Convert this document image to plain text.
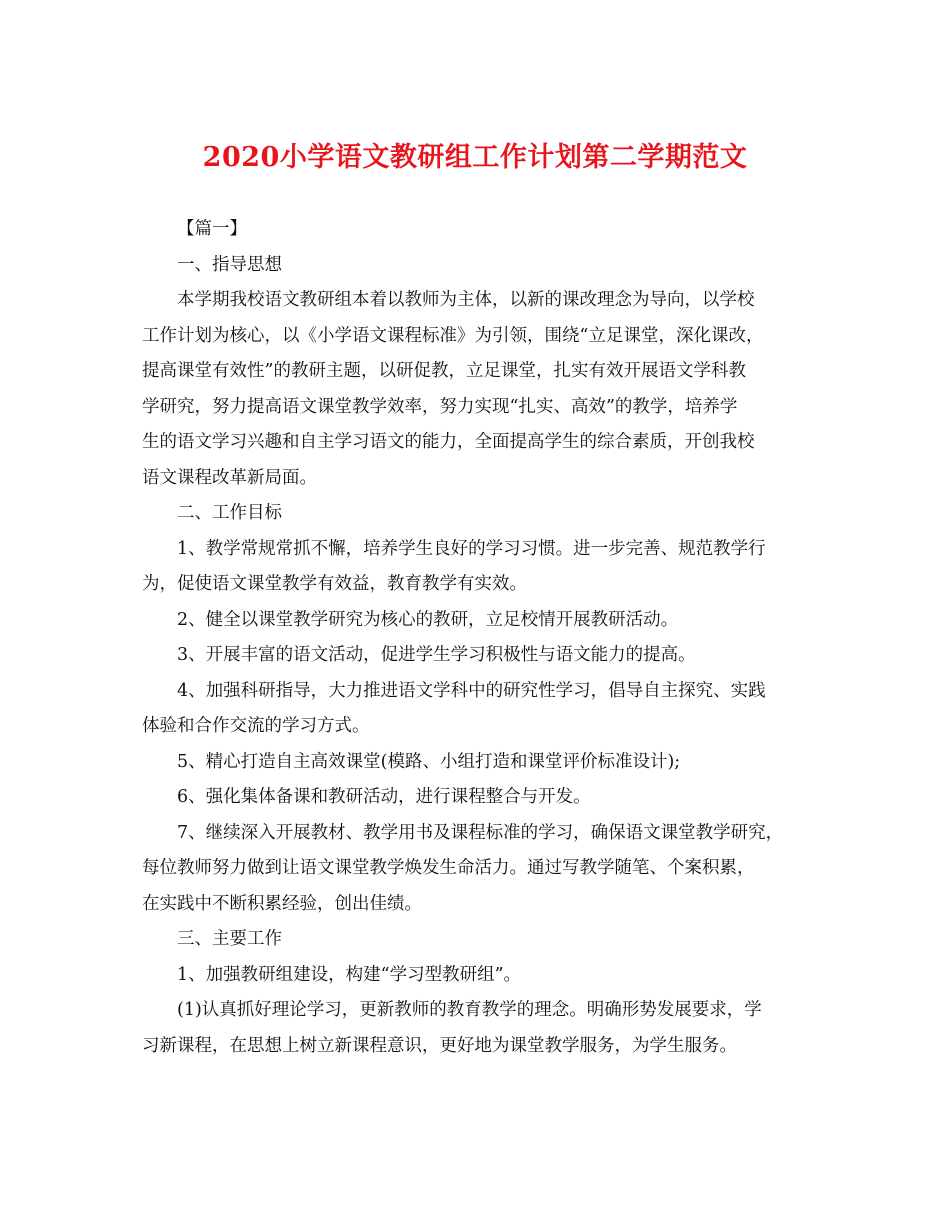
2020小学语文教研组工作计划第二学期范文
【篇一】
一、指导思想
本学期我校语文教研组本着以教师为主体，以新的课改理念为导向，以学校
工作计划为核心，以《小学语文课程标准》为引领，围绕“立足课堂，深化课改，
提高课堂有效性”的教研主题，以研促教，立足课堂，扎实有效开展语文学科教
学研究，努力提高语文课堂教学效率，努力实现“扎实、高效”的教学，培养学
生的语文学习兴趣和自主学习语文的能力，全面提高学生的综合素质，开创我校
语文课程改革新局面。
二、工作目标
1、教学常规常抓不懈，培养学生良好的学习习惯。进一步完善、规范教学行
为，促使语文课堂教学有效益，教育教学有实效。
2、健全以课堂教学研究为核心的教研，立足校情开展教研活动。
3、开展丰富的语文活动，促进学生学习积极性与语文能力的提高。
4、加强科研指导，大力推进语文学科中的研究性学习，倡导自主探究、实践
体验和合作交流的学习方式。
5、精心打造自主高效课堂(模路、小组打造和课堂评价标准设计);
6、强化集体备课和教研活动，进行课程整合与开发。
7、继续深入开展教材、教学用书及课程标准的学习，确保语文课堂教学研究，
每位教师努力做到让语文课堂教学焕发生命活力。通过写教学随笔、个案积累，
在实践中不断积累经验，创出佳绩。
三、主要工作
1、加强教研组建设，构建“学习型教研组”。
(1)认真抓好理论学习，更新教师的教育教学的理念。明确形势发展要求，学
习新课程，在思想上树立新课程意识，更好地为课堂教学服务，为学生服务。
